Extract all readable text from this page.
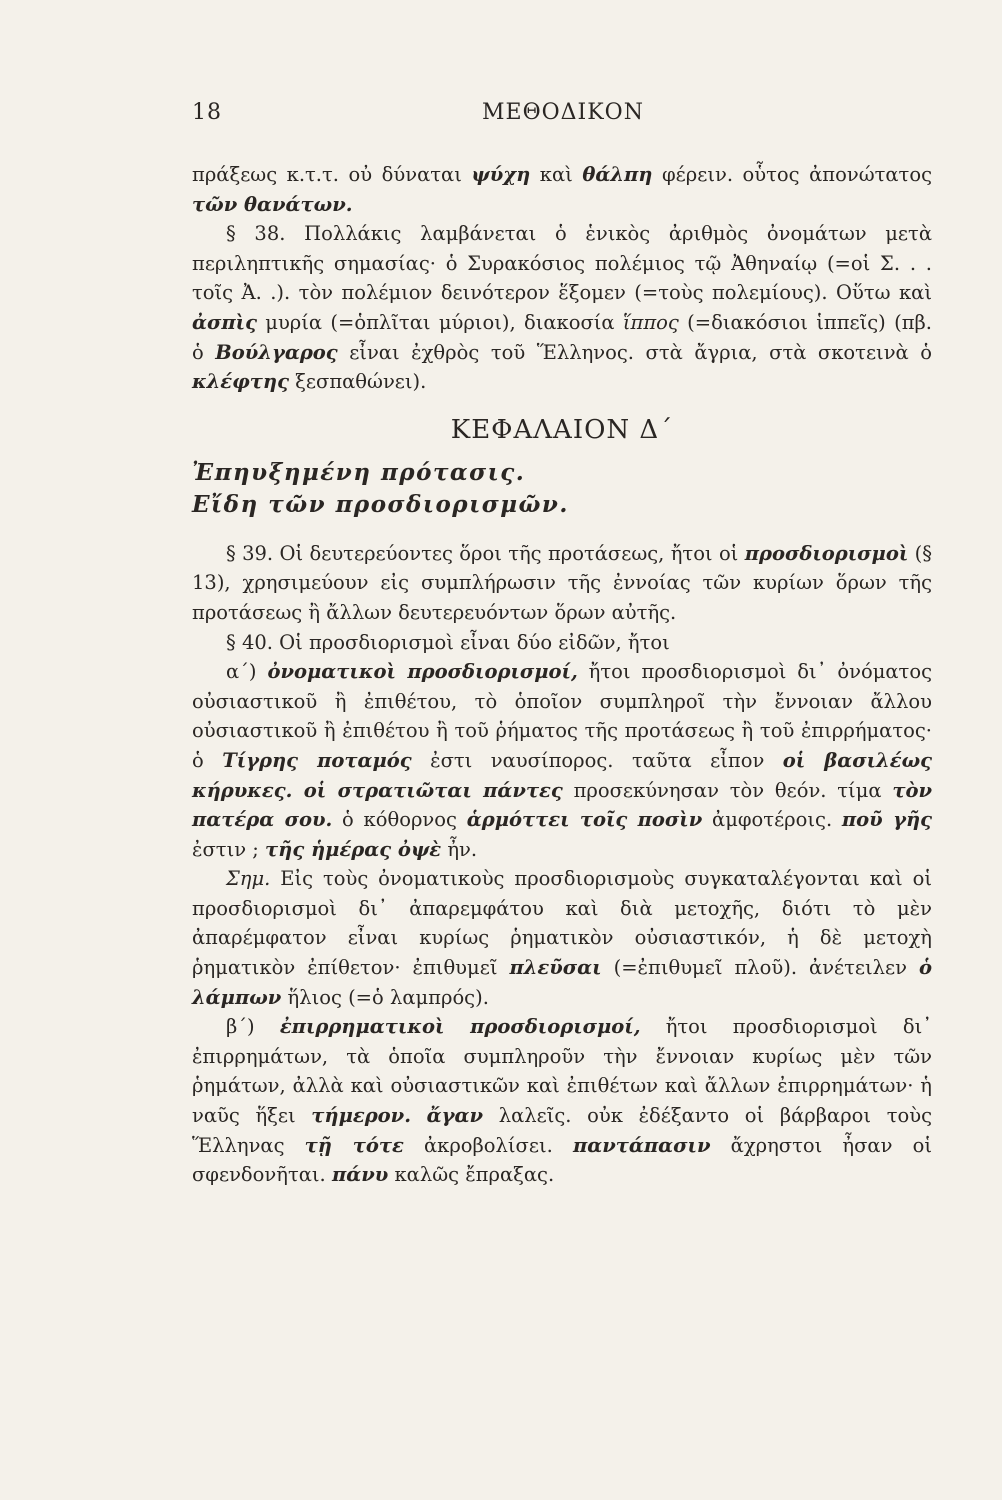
18	ΜΕΘΟΔΙΚΟΝ

πράξεως κ.τ.τ. οὐ δύναται ψύχη καὶ θάλπη φέρειν. οὗτος ἀπονώτατος τῶν θανάτων.

§ 38. Πολλάκις λαμβάνεται ὁ ἑνικὸς ἀριθμὸς ὀνομάτων μετὰ περιληπτικῆς σημασίας· ὁ Συρακόσιος πολέμιος τῷ Ἀθηναίῳ (=οἱ Σ. . . τοῖς Ἀ. .). τὸν πολέμιον δεινότερον ἕξομεν (=τοὺς πολεμίους). Οὕτω καὶ ἀσπὶς μυρία (=ὁπλῖται μύριοι), διακοσία ἵππος (=διακόσιοι ἱππεῖς) (πβ. ὁ Βούλγαρος εἶναι ἐχθρὸς τοῦ Ἕλληνος. στὰ ἄγρια, στὰ σκοτεινὰ ὁ κλέφτης ξεσπαθώνει).

ΚΕΦΑΛΑΙΟΝ Δ΄

Ἐπηυξημένη πρότασις.

Εἴδη τῶν προσδιορισμῶν.

§ 39. Οἱ δευτερεύοντες ὅροι τῆς προτάσεως, ἤτοι οἱ προσδιορισμοὶ (§ 13), χρησιμεύουν εἰς συμπλήρωσιν τῆς ἐννοίας τῶν κυρίων ὅρων τῆς προτάσεως ἢ ἄλλων δευτερευόντων ὅρων αὐτῆς.

§ 40. Οἱ προσδιορισμοὶ εἶναι δύο εἰδῶν, ἤτοι

α΄) ὀνοματικοὶ προσδιορισμοί, ἤτοι προσδιορισμοὶ δι᾽ ὀνόματος οὐσιαστικοῦ ἢ ἐπιθέτου, τὸ ὁποῖον συμπληροῖ τὴν ἔννοιαν ἄλλου οὐσιαστικοῦ ἢ ἐπιθέτου ἢ τοῦ ῥήματος τῆς προτάσεως ἢ τοῦ ἐπιρρήματος· ὁ Τίγρης ποταμός ἐστι ναυσίπορος. ταῦτα εἶπον οἱ βασιλέως κήρυκες. οἱ στρατιῶται πάντες προσεκύνησαν τὸν θεόν. τίμα τὸν πατέρα σου. ὁ κόθορνος ἁρμόττει τοῖς ποσὶν ἀμφοτέροις. ποῦ γῆς ἐστιν ; τῆς ἡμέρας ὀψὲ ἦν.

Σημ. Εἰς τοὺς ὀνοματικοὺς προσδιορισμοὺς συγκαταλέγονται καὶ οἱ προσδιορισμοὶ δι᾽ ἀπαρεμφάτου καὶ διὰ μετοχῆς, διότι τὸ μὲν ἀπαρέμφατον εἶναι κυρίως ῥηματικὸν οὐσιαστικόν, ἡ δὲ μετοχὴ ῥηματικὸν ἐπίθετον· ἐπιθυμεῖ πλεῦσαι (=ἐπιθυμεῖ πλοῦ). ἀνέτειλεν ὁ λάμπων ἥλιος (=ὁ λαμπρός).

β΄) ἐπιρρηματικοὶ προσδιορισμοί, ἤτοι προσδιορισμοὶ δι᾽ ἐπιρρημάτων, τὰ ὁποῖα συμπληροῦν τὴν ἔννοιαν κυρίως μὲν τῶν ῥημάτων, ἀλλὰ καὶ οὐσιαστικῶν καὶ ἐπιθέτων καὶ ἄλλων ἐπιρρημάτων· ἡ ναῦς ἥξει τήμερον. ἄγαν λαλεῖς. οὐκ ἐδέξαντο οἱ βάρβαροι τοὺς Ἕλληνας τῇ τότε ἀκροβολίσει. παντάπασιν ἄχρηστοι ἦσαν οἱ σφενδονῆται. πάνυ καλῶς ἔπραξας.
